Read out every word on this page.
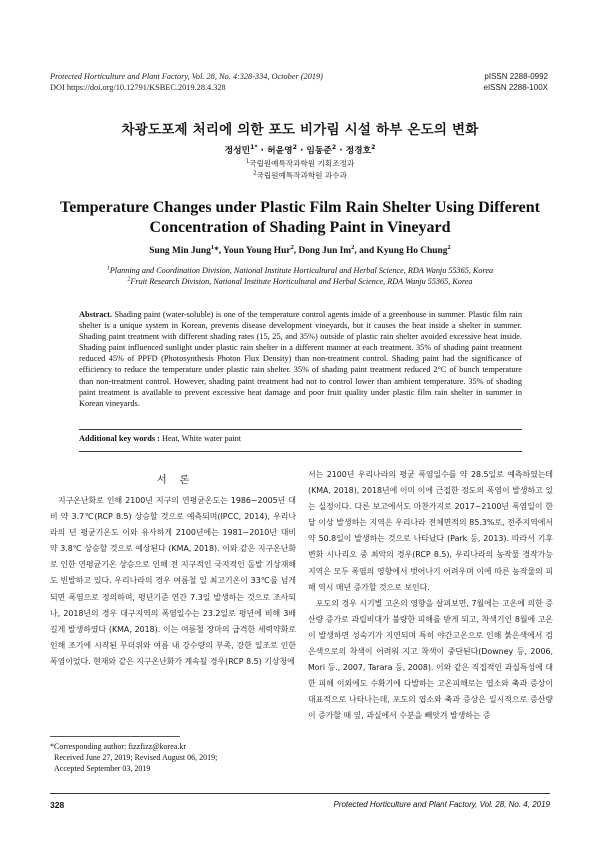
Protected Horticulture and Plant Factory, Vol. 28, No. 4:328-334, October (2019)
DOI https://doi.org/10.12791/KSBEC.2019.28.4.328
pISSN 2288-0992
eISSN 2288-100X
차광도포제 처리에 의한 포도 비가림 시설 하부 온도의 변화
정성민$^{1*}$ · 허윤영$^2$ · 임동준$^2$ · 정경호$^2$
$^1$국립원예특작과학원 기획조정과
$^2$국립원예특작과학원 과수과
Temperature Changes under Plastic Film Rain Shelter Using Different
Concentration of Shading Paint in Vineyard
Sung Min Jung$^1$*, Youn Young Hur$^2$, Dong Jun Im$^2$, and Kyung Ho Chung$^2$
$^1$Planning and Coordination Division, National Institute Horticultural and Herbal Science, RDA Wanju 55365, Korea
$^2$Fruit Research Division, National Institute Horticultural and Herbal Science, RDA Wanju 55365, Korea
Abstract. Shading paint (water-soluble) is one of the temperature control agents inside of a greenhouse in summer. Plastic film rain shelter is a unique system in Korean, prevents disease development vineyards, but it causes the heat inside a shelter in summer. Shading paint treatment with different shading rates (15, 25, and 35%) outside of plastic rain shelter avoided excessive heat inside. Shading paint influenced sunlight under plastic rain shelter in a different manner at each treatment. 35% of shading paint treatment reduced 45% of PPFD (Photosynthesis Photon Flux Density) than non-treatment control. Shading paint had the significance of efficiency to reduce the temperature under plastic rain shelter. 35% of shading paint treatment reduced 2°C of bunch temperature than non-treatment control. However, shading paint treatment had not to control lower than ambient temperature. 35% of shading paint treatment is available to prevent excessive heat damage and poor fruit quality under plastic film rain shelter in summer in Korean vineyards.
Additional key words : Heat, White water paint
서    론

지구온난화로 인해 2100년 지구의 연평균온도는 1986~2005년 대비 약 3.7℃(RCP 8.5) 상승할 것으로 예측되며(IPCC, 2014), 우리나라의 년 평균기온도 이와 유사하게 2100년에는 1981~2010년 대비 약 3.8℃ 상승할 것으로 예상된다 (KMA, 2018). 이와 같은 지구온난화로 인한 연평균기온 상승으로 인해 전 지구적인 국지적인 돌발 기상재해도 빈발하고 있다. 우리나라의 경우 여름철 일 최고기온이 33℃를 넘게 되면 폭염으로 정의하며, 평년기준 연간 7.3일 발생하는 것으로 조사되나, 2018년의 경우 대구지역의 폭염일수는 23.2일로 평년에 비해 3배 길게 발생하였다 (KMA, 2018). 이는 여름철 장마의 급격한 세력약화로 인해 조기에 시작된 무더위와 여름 내 강수량의 부족, 강한 일조로 인한 폭염이었다. 현재와 같은 지구온난화가 계속될 경우(RCP 8.5) 기상청에

서는 2100년 우리나라의 평균 폭염일수를 약 28.5일로 예측하였는데(KMA, 2018), 2018년에 이미 이에 근접한 정도의 폭염이 발생하고 있는 실정이다. 다른 보고에서도 마찬가지로 2017~2100년 폭염일이 한달 이상 발생하는 지역은 우리나라 전체면적의 85.3%로, 전주지역에서 약 50.8일이 발생하는 것으로 나타났다 (Park 등, 2013). 따라서 기후변화 시나리오 중 최악의 경우(RCP 8.5), 우리나라의 농작물 경작가능지역은 모두 폭염의 영향에서 벗어나기 어려우며 이에 따른 농작물의 피해 역시 매년 증가할 것으로 보인다.

포도의 경우 시기별 고온의 영향을 살펴보면, 7월에는 고온에 의한 증산량 증가로 과립비대가 불량한 피해를 받게 되고, 착색기인 8월에 고온이 발생하면 성숙기가 지연되며 특히 야간고온으로 인해 붉은색에서 검은색으로의 착색이 어려워 지고 착색이 중단된다(Downey 등, 2006, Mori 등., 2007, Tarara 등, 2008). 이와 같은 직접적인 과실특성에 대한 피해 이외에도 수확기에 다발하는 고온피해로는 엽소와 축과 증상이 대표적으로 나타나는데, 포도의 엽소와 축과 증상은 일시적으로 증산량이 증가할 때 잎, 과실에서 수분을 빼앗겨 발생하는 증

*Corresponding author: fizzfizz@korea.kr
Received June 27, 2019; Revised August 06, 2019;
Accepted September 03, 2019
328	Protected Horticulture and Plant Factory, Vol. 28, No. 4, 2019
